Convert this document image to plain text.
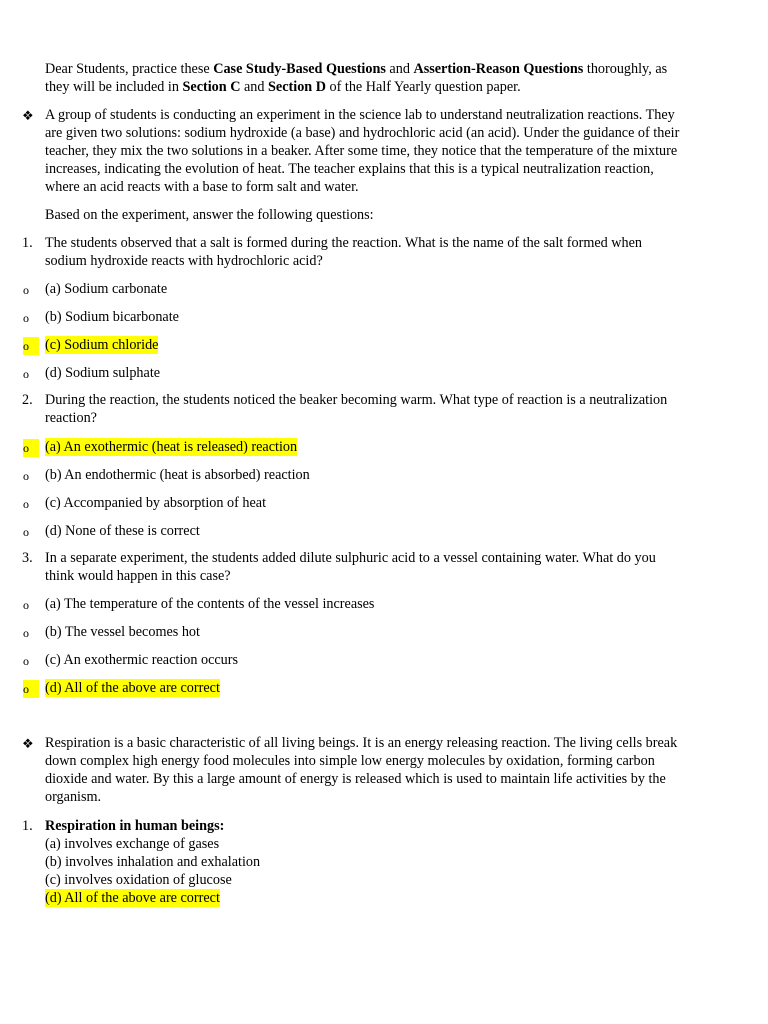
Dear Students, practice these Case Study-Based Questions and Assertion-Reason Questions thoroughly, as
they will be included in Section C and Section D of the Half Yearly question paper.
❖ A group of students is conducting an experiment in the science lab to understand neutralization reactions. They
are given two solutions: sodium hydroxide (a base) and hydrochloric acid (an acid). Under the guidance of their
teacher, they mix the two solutions in a beaker. After some time, they notice that the temperature of the mixture
increases, indicating the evolution of heat. The teacher explains that this is a typical neutralization reaction,
where an acid reacts with a base to form salt and water.
Based on the experiment, answer the following questions:
1. The students observed that a salt is formed during the reaction. What is the name of the salt formed when
sodium hydroxide reacts with hydrochloric acid?
o (a) Sodium carbonate
o (b) Sodium bicarbonate
o	(c) Sodium chloride
o (d) Sodium sulphate
2. During the reaction, the students noticed the beaker becoming warm. What type of reaction is a neutralization
reaction?
o	(a) An exothermic (heat is released) reaction
o (b) An endothermic (heat is absorbed) reaction
o (c) Accompanied by absorption of heat
o (d) None of these is correct
3. In a separate experiment, the students added dilute sulphuric acid to a vessel containing water. What do you
think would happen in this case?
o (a) The temperature of the contents of the vessel increases
o (b) The vessel becomes hot
o (c) An exothermic reaction occurs
o	(d) All of the above are correct
❖ Respiration is a basic characteristic of all living beings. It is an energy releasing reaction. The living cells break
down complex high energy food molecules into simple low energy molecules by oxidation, forming carbon
dioxide and water. By this a large amount of energy is released which is used to maintain life activities by the
organism.
1. Respiration in human beings:
(a) involves exchange of gases
(b) involves inhalation and exhalation
(c) involves oxidation of glucose
(d) All of the above are correct
